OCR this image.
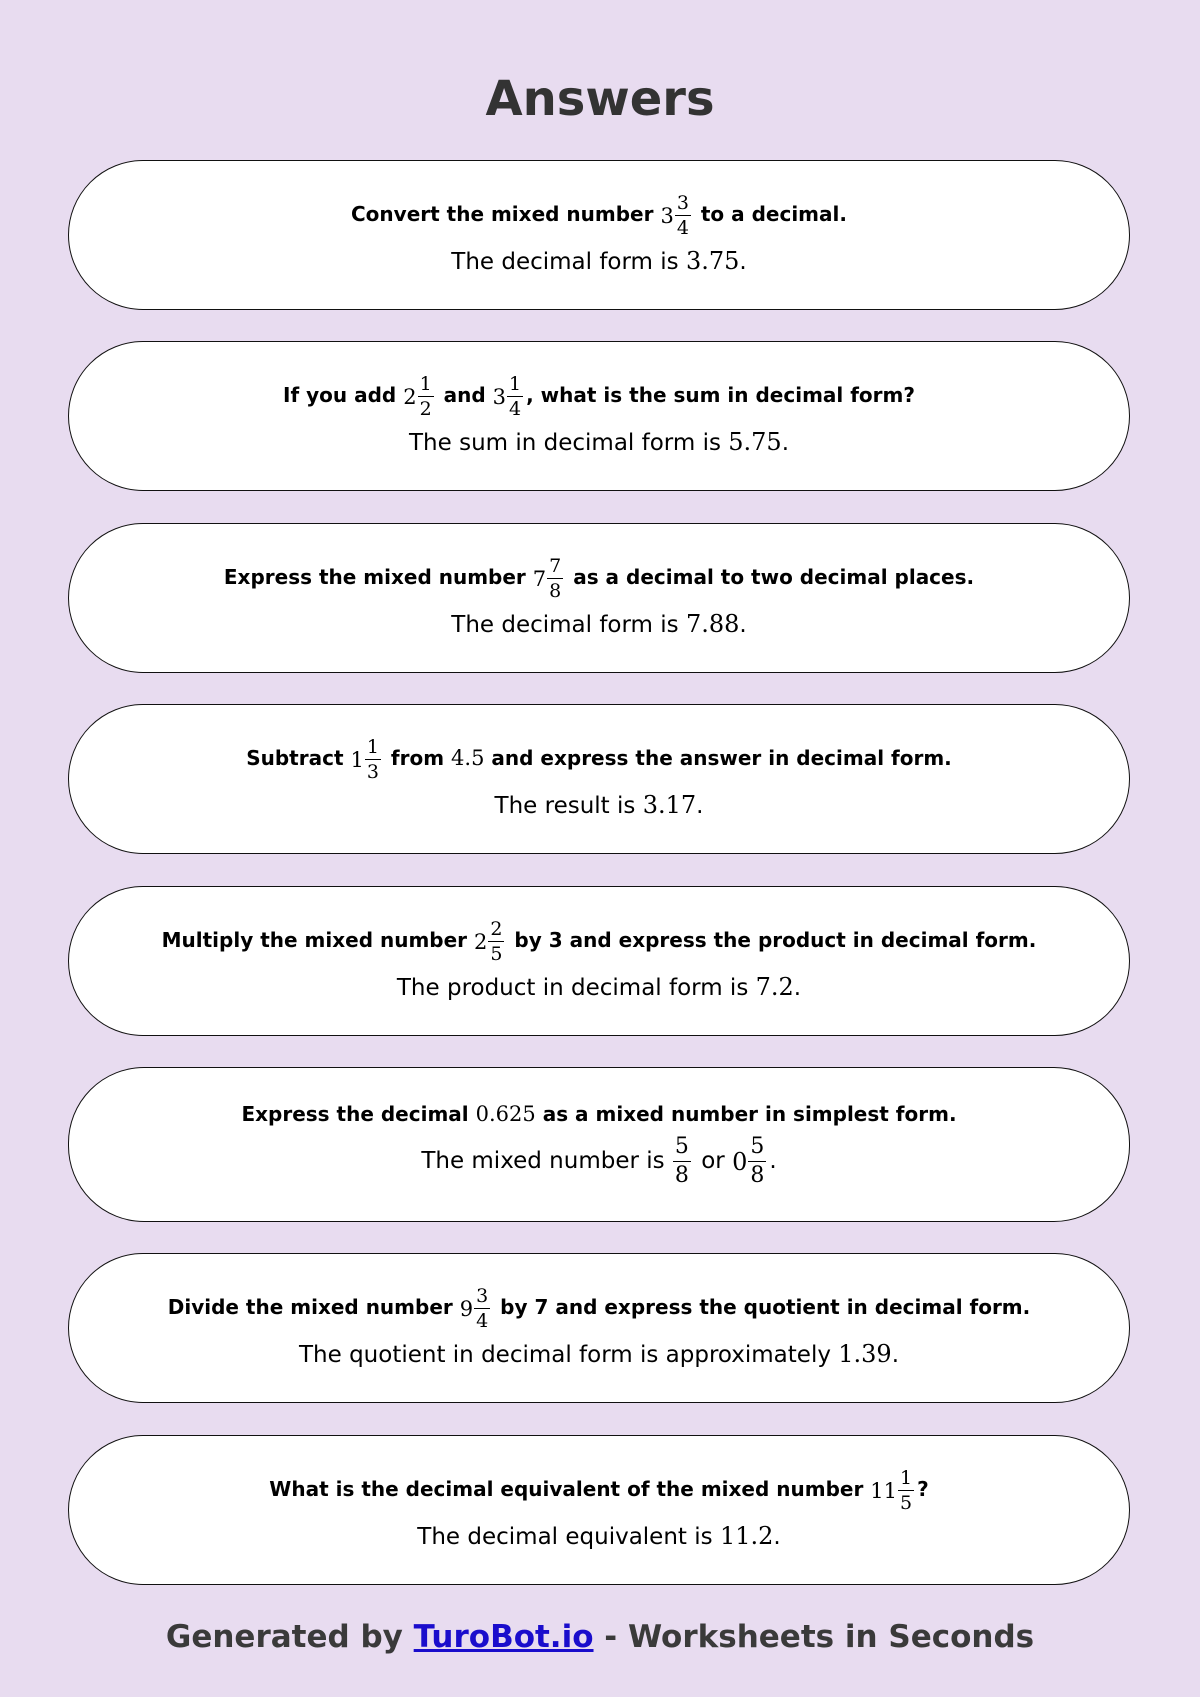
Answers
Convert the mixed number $3 \frac{3}{4}$ to a decimal.
The decimal form is 3.75.
If you add $2 \frac{1}{2}$ and $3 \frac{1}{4}$ , what is the sum in decimal form?
The sum in decimal form is 5.75.
Express the mixed number $7 \frac{7}{8}$ as a decimal to two decimal places.
The decimal form is 7.88.
Subtract $1 \frac{1}{3}$ from 4.5 and express the answer in decimal form.
The result is 3.17.
Multiply the mixed number $2 \frac{2}{5}$ by 3 and express the product in decimal form.
The product in decimal form is 7.2.
Express the decimal 0.625 as a mixed number in simplest form.
The mixed number is $\frac{5}{8}$ or $0 \frac{5}{8}$ .
Divide the mixed number $9 \frac{3}{4}$ by 7 and express the quotient in decimal form.
The quotient in decimal form is approximately 1.39.
What is the decimal equivalent of the mixed number $11 \frac{1}{5}$ ?
The decimal equivalent is 11.2.
Generated by TuroBot.io - Worksheets in Seconds
